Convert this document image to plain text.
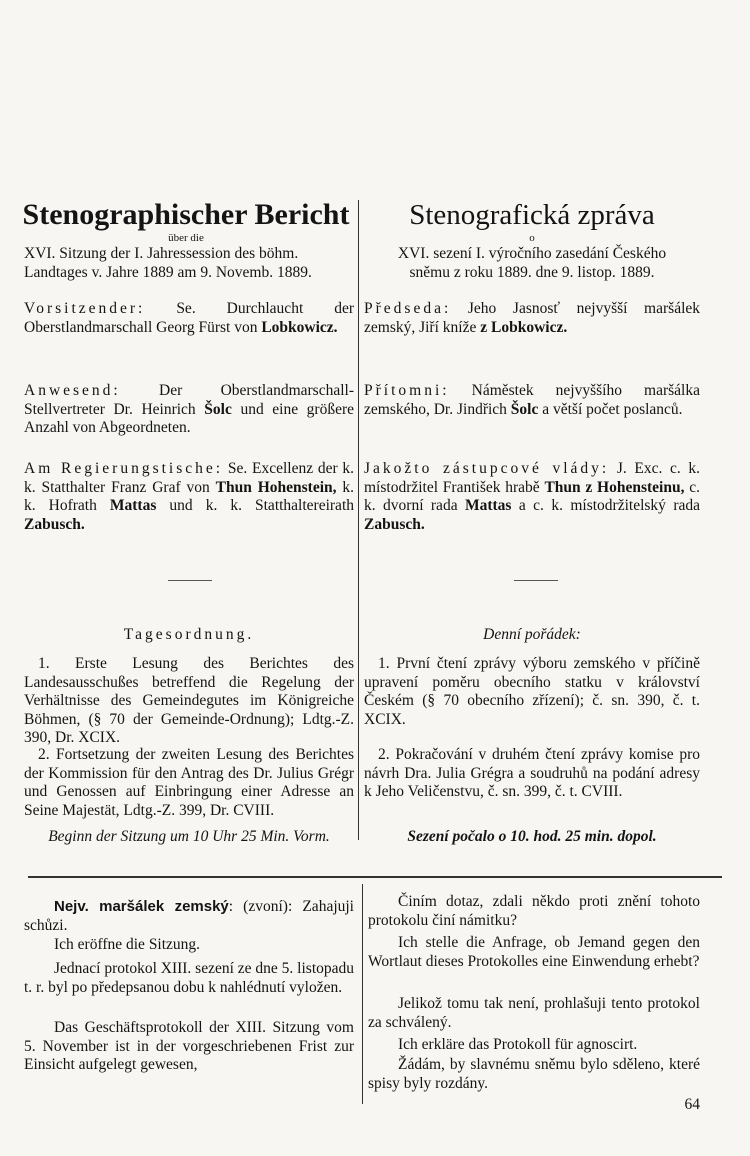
Stenographischer Bericht
über die
XVI. Sitzung der I. Jahressession des böhm.
Landtages v. Jahre 1889 am 9. Novemb. 1889.
Stenografická zpráva
o
XVI. sezení I. výročního zasedání Českého
sněmu z roku 1889. dne 9. listop. 1889.

Vorsitzender: Se. Durchlaucht der Oberstlandmarschall Georg Fürst von Lobkowicz.

Anwesend: Der Oberstlandmarschall-Stellvertreter Dr. Heinrich Šolc und eine größere Anzahl von Abgeordneten.

Am Regierungstische: Se. Excellenz der k. k. Statthalter Franz Graf von Thun Hohenstein, k. k. Hofrath Mattas und k. k. Statthaltereirath Zabusch.

Předseda: Jeho Jasnosť nejvyšší maršálek zemský, Jiří kníže z Lobkowicz.

Přítomni: Náměstek nejvyššího maršálka zemského, Dr. Jindřich Šolc a větší počet poslanců.

Jakožto zástupcové vlády: J. Exc. c. k. místodržitel František hrabě Thun z Hohensteinu, c. k. dvorní rada Mattas a c. k. místodržitelský rada Zabusch.

Tagesordnung.

1. Erste Lesung des Berichtes des Landesausschußes betreffend die Regelung der Verhältnisse des Gemeindegutes im Königreiche Böhmen, (§ 70 der Gemeinde-Ordnung); Ldtg.-Z. 390, Dr. XCIX.

2. Fortsetzung der zweiten Lesung des Berichtes der Kommission für den Antrag des Dr. Julius Grégr und Genossen auf Einbringung einer Adresse an Seine Majestät, Ldtg.-Z. 399, Dr. CVIII.

Beginn der Sitzung um 10 Uhr 25 Min. Vorm.
Denní pořádek:

1. První čtení zprávy výboru zemského v příčině upravení poměru obecního statku v království Českém (§ 70 obecního zřízení); č. sn. 390, č. t. XCIX.

2. Pokračování v druhém čtení zprávy komise pro návrh Dra. Julia Grégra a soudruhů na podání adresy k Jeho Veličenstvu, č. sn. 399, č. t. CVIII.

Sezení počalo o 10. hod. 25 min. dopol.

Nejv. maršálek zemský: (zvoní): Zahajuji schůzi.

Ich eröffne die Sitzung.

Jednací protokol XIII. sezení ze dne 5. listopadu t. r. byl po předepsanou dobu k nahlédnutí vyložen.

Das Geschäftsprotokoll der XIII. Sitzung vom 5. November ist in der vorgeschriebenen Frist zur Einsicht aufgelegt gewesen,

Činím dotaz, zdali někdo proti znění tohoto protokolu činí námitku?

Ich stelle die Anfrage, ob Jemand gegen den Wortlaut dieses Protokolles eine Einwendung erhebt?

Jelikož tomu tak není, prohlašuji tento protokol za schválený.

Ich erkläre das Protokoll für agnoscirt.

Žádám, by slavnému sněmu bylo sděleno, které spisy byly rozdány.

64
